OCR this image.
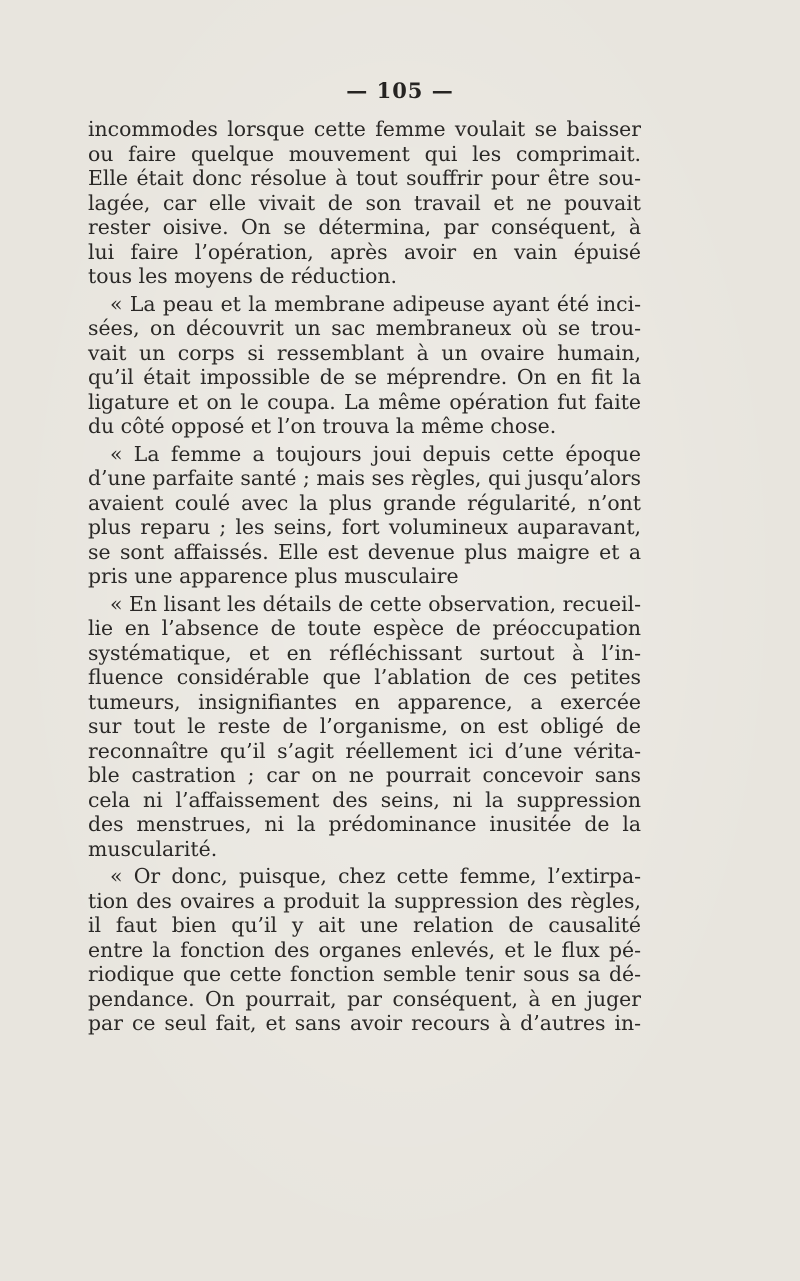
— 105 —
incommodes lorsque cette femme voulait se baisser
ou faire quelque mouvement qui les comprimait.
Elle était donc résolue à tout souffrir pour être sou-
lagée, car elle vivait de son travail et ne pouvait
rester oisive. On se détermina, par conséquent, à
lui faire l’opération, après avoir en vain épuisé
tous les moyens de réduction.
« La peau et la membrane adipeuse ayant été inci-
sées, on découvrit un sac membraneux où se trou-
vait un corps si ressemblant à un ovaire humain,
qu’il était impossible de se méprendre. On en fit la
ligature et on le coupa. La même opération fut faite
du côté opposé et l’on trouva la même chose.
« La femme a toujours joui depuis cette époque
d’une parfaite santé ; mais ses règles, qui jusqu’alors
avaient coulé avec la plus grande régularité, n’ont
plus reparu ; les seins, fort volumineux auparavant,
se sont affaissés. Elle est devenue plus maigre et a
pris une apparence plus musculaire
« En lisant les détails de cette observation, recueil-
lie en l’absence de toute espèce de préoccupation
systématique, et en réfléchissant surtout à l’in-
fluence considérable que l’ablation de ces petites
tumeurs, insignifiantes en apparence, a exercée
sur tout le reste de l’organisme, on est obligé de
reconnaître qu’il s’agit réellement ici d’une vérita-
ble castration ; car on ne pourrait concevoir sans
cela ni l’affaissement des seins, ni la suppression
des menstrues, ni la prédominance inusitée de la
muscularité.
« Or donc, puisque, chez cette femme, l’extirpa-
tion des ovaires a produit la suppression des règles,
il faut bien qu’il y ait une relation de causalité
entre la fonction des organes enlevés, et le flux pé-
riodique que cette fonction semble tenir sous sa dé-
pendance. On pourrait, par conséquent, à en juger
par ce seul fait, et sans avoir recours à d’autres in-
